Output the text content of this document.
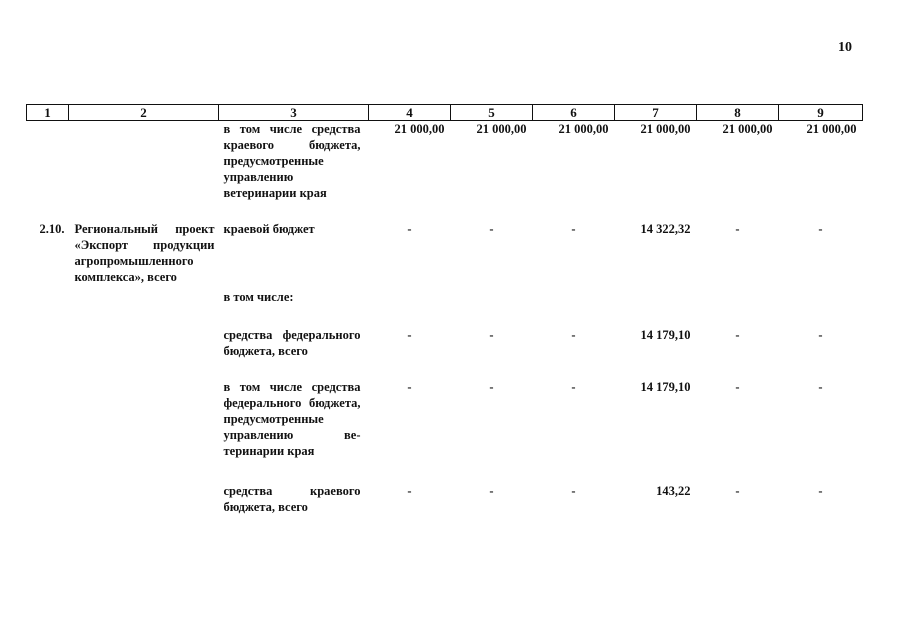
10
1	2	3	4	5	6	7	8	9
		в том числе средства краевого бюджета, предусмотренные управлению ветеринарии края	21 000,00	21 000,00	21 000,00	21 000,00	21 000,00	21 000,00
2.10.	Региональный проект «Экспорт продукции агропромышленного комплекса», всего	краевой бюджет	-	-	-	14 322,32	-	-
		в том числе:						
		средства федерального бюджета, всего	-	-	-	14 179,10	-	-
		в том числе средства федерального бюджета, предусмотренные управлению ветеринарии края	-	-	-	14 179,10	-	-
		средства краевого бюджета, всего	-	-	-	143,22	-	-
